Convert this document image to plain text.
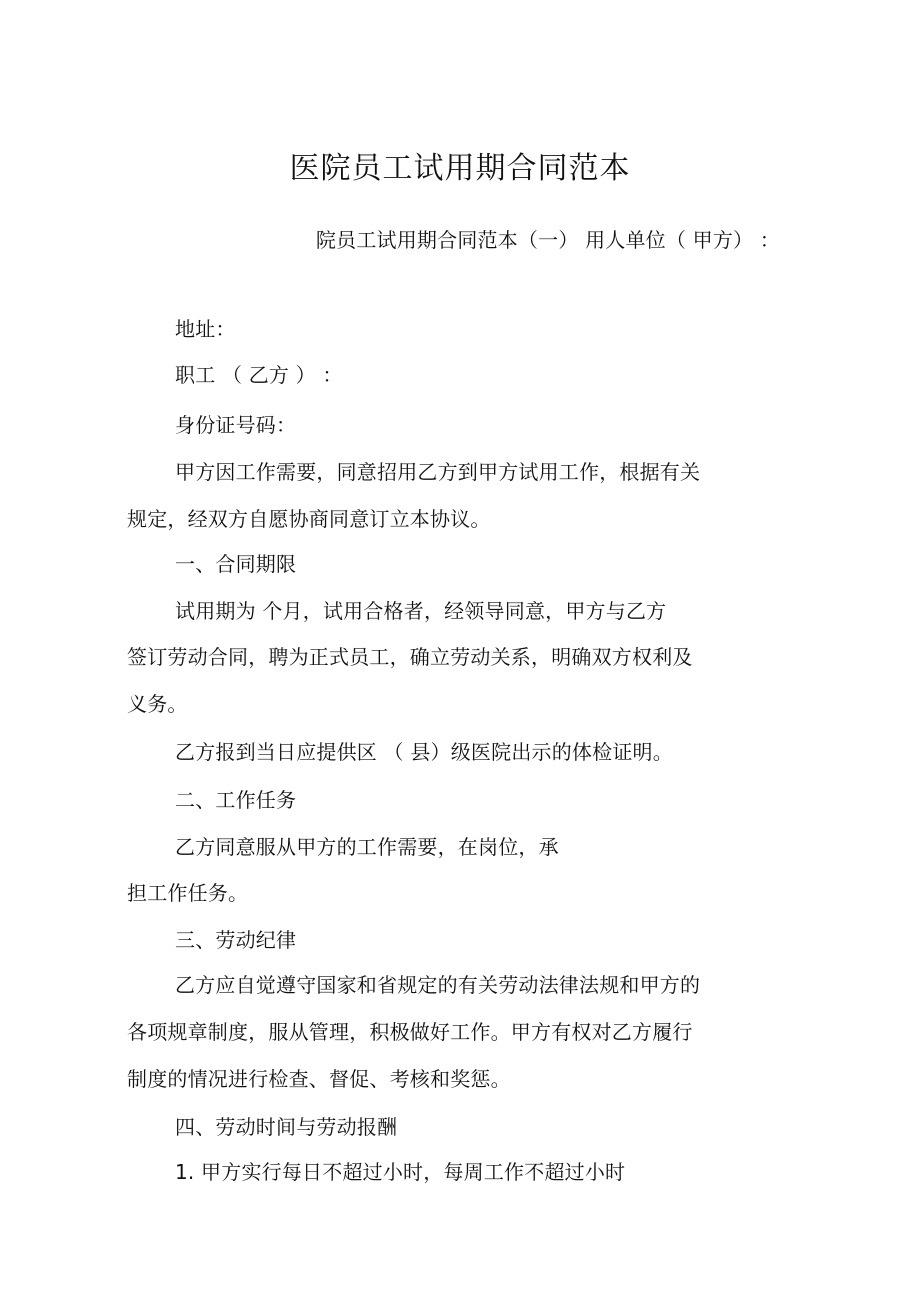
医院员工试用期合同范本
院员工试用期合同范本（一） 用人单位（ 甲方） ：
地址：
职工 （ 乙方 ） ：
身份证号码：
甲方因工作需要，同意招用乙方到甲方试用工作，根据有关
规定，经双方自愿协商同意订立本协议。
一、合同期限
试用期为 个月，试用合格者，经领导同意，甲方与乙方
签订劳动合同，聘为正式员工，确立劳动关系，明确双方权利及
义务。
乙方报到当日应提供区 （ 县）级医院出示的体检证明。
二、工作任务
乙方同意服从甲方的工作需要，在岗位，承
担工作任务。
三、劳动纪律
乙方应自觉遵守国家和省规定的有关劳动法律法规和甲方的
各项规章制度，服从管理，积极做好工作。甲方有权对乙方履行
制度的情况进行检查、督促、考核和奖惩。
四、劳动时间与劳动报酬
1. 甲方实行每日不超过小时，每周工作不超过小时
